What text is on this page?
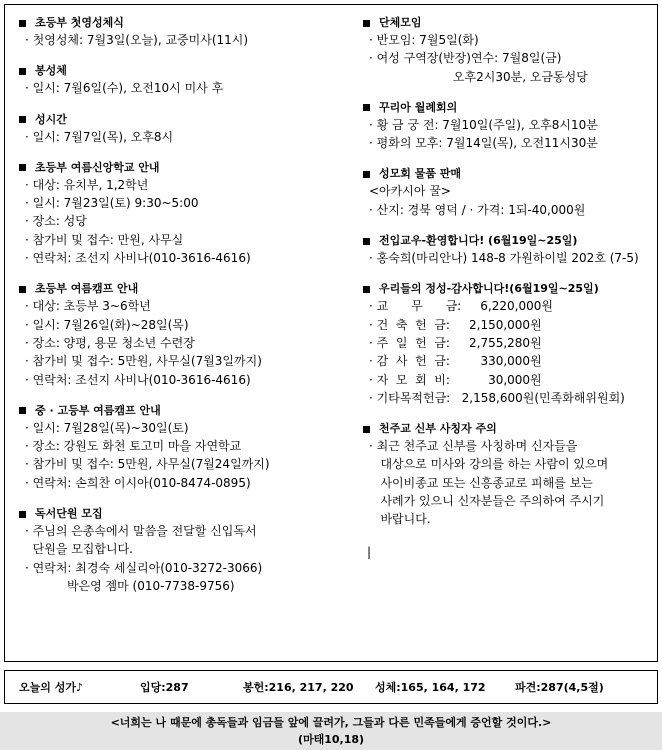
초등부 첫영성체식
· 첫영성체: 7월3일(오늘), 교중미사(11시)
봉성체
· 일시: 7월6일(수), 오전10시 미사 후
성시간
· 일시: 7월7일(목), 오후8시
초등부 여름신앙학교 안내
· 대상: 유치부, 1,2학년
· 일시: 7월23일(토) 9:30~5:00
· 장소: 성당
· 참가비 및 접수: 만원, 사무실
· 연락처: 조선지 사비나(010-3616-4616)
초등부 여름캠프 안내
· 대상: 초등부 3~6학년
· 일시: 7월26일(화)~28일(목)
· 장소: 양평, 용문 청소년 수련장
· 참가비 및 접수: 5만원, 사무실(7월3일까지)
· 연락처: 조선지 사비나(010-3616-4616)
중 · 고등부 여름캠프 안내
· 일시: 7월28일(목)~30일(토)
· 장소: 강원도 화천 토고미 마을 자연학교
· 참가비 및 접수: 5만원, 사무실(7월24일까지)
· 연락처: 손희찬 이시아(010-8474-0895)
독서단원 모집
· 주님의 은총속에서 말씀을 전달할 신입독서
단원을 모집합니다.
· 연락처: 최경숙 세실리아(010-3272-3066)
박은영 젬마 (010-7738-9756)
단체모임
· 반모임: 7월5일(화)
· 여성 구역장(반장)연수: 7월8일(금)
오후2시30분, 오금동성당
꾸리아 월례회의
· 황 금 궁 전: 7월10일(주일), 오후8시10분
· 평화의 모후: 7월14일(목), 오전11시30분
성모회 물품 판매
<아카시아 꿀>
· 산지: 경북 영덕 / · 가격: 1되-40,000원
전입교우-환영합니다! (6월19일~25일)
· 홍숙희(마리안나) 148-8 가원하이빌 202호 (7-5)
우리들의 정성-감사합니다!(6월19일~25일)
· 교      무      금:     6,220,000원
· 건  축  헌  금:     2,150,000원
· 주  일  헌  금:     2,755,280원
· 감  사  헌  금:        330,000원
· 자  모  회  비:          30,000원
· 기타목적헌금:   2,158,600원(민족화해위원회)
천주교 신부 사칭자 주의
· 최근 천주교 신부를 사칭하며 신자들을
대상으로 미사와 강의를 하는 사람이 있으며
사이비종교 또는 신흥종교로 피해를 보는
사례가 있으니 신자분들은 주의하여 주시기
바랍니다.
|
오늘의 성가♪	입당:287	봉헌:216, 217, 220 성체:165, 164, 172	파견:287(4,5절)
<너희는 나 때문에 총독들과 임금들 앞에 끌려가, 그들과 다른 민족들에게 증언할 것이다.>
(마태10,18)
